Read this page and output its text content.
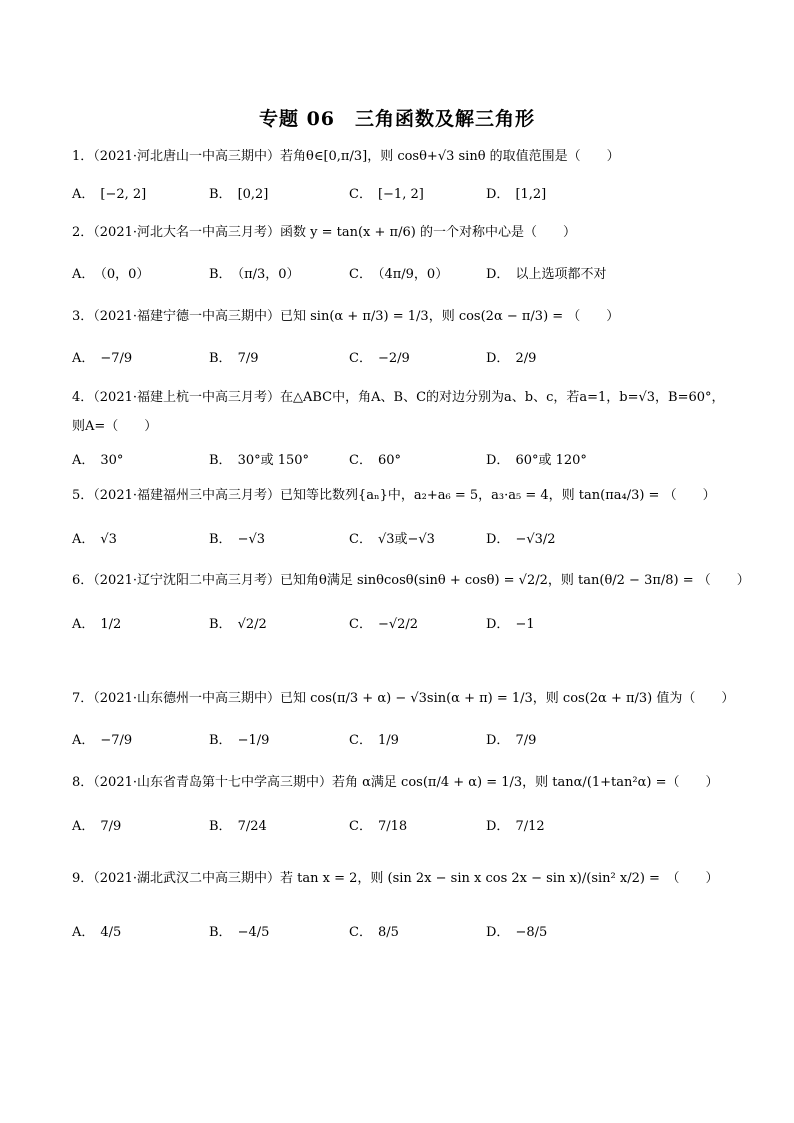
专题 06　三角函数及解三角形
1．（2021·河北唐山一中高三期中）若角θ∈[0,π/3]，则 cosθ+√3 sinθ 的取值范围是（　　）
A． [−2, 2]	B． [0,2]	C． [−1, 2]	D． [1,2]
2．（2021·河北大名一中高三月考）函数 y = tan(x + π/6) 的一个对称中心是（　　）
A． （0，0）	B． （π/3，0）	C． （4π/9，0）	D． 以上选项都不对
3．（2021·福建宁德一中高三期中）已知 sin(α + π/3) = 1/3，则 cos(2α − π/3) = （　　）
A． −7/9	B． 7/9	C． −2/9	D． 2/9
4．（2021·福建上杭一中高三月考）在△ABC中，角A、B、C的对边分别为a、b、c，若a=1，b=√3，B=60°，
则A=（　　）
A． 30°	B． 30°或 150°	C． 60°	D． 60°或 120°
5．（2021·福建福州三中高三月考）已知等比数列{aₙ}中，a₂+a₆ = 5，a₃·a₅ = 4，则 tan(πa₄/3) = （　　）
A． √3	B． −√3	C． √3或−√3	D． −√3/2
6．（2021·辽宁沈阳二中高三月考）已知角θ满足 sinθcosθ(sinθ + cosθ) = √2/2，则 tan(θ/2 − 3π/8) = （　　）
A． 1/2	B． √2/2	C． −√2/2	D． −1
7．（2021·山东德州一中高三期中）已知 cos(π/3 + α) − √3sin(α + π) = 1/3，则 cos(2α + π/3) 值为（　　）
A． −7/9	B． −1/9	C． 1/9	D． 7/9
8．（2021·山东省青岛第十七中学高三期中）若角 α满足 cos(π/4 + α) = 1/3，则 tanα/(1+tan²α) =（　　）
A． 7/9	B． 7/24	C． 7/18	D． 7/12
9．（2021·湖北武汉二中高三期中）若 tan x = 2，则 (sin 2x − sin x cos 2x − sin x)/(sin² x/2) =　（　　）
A． 4/5	B． −4/5	C． 8/5	D． −8/5
